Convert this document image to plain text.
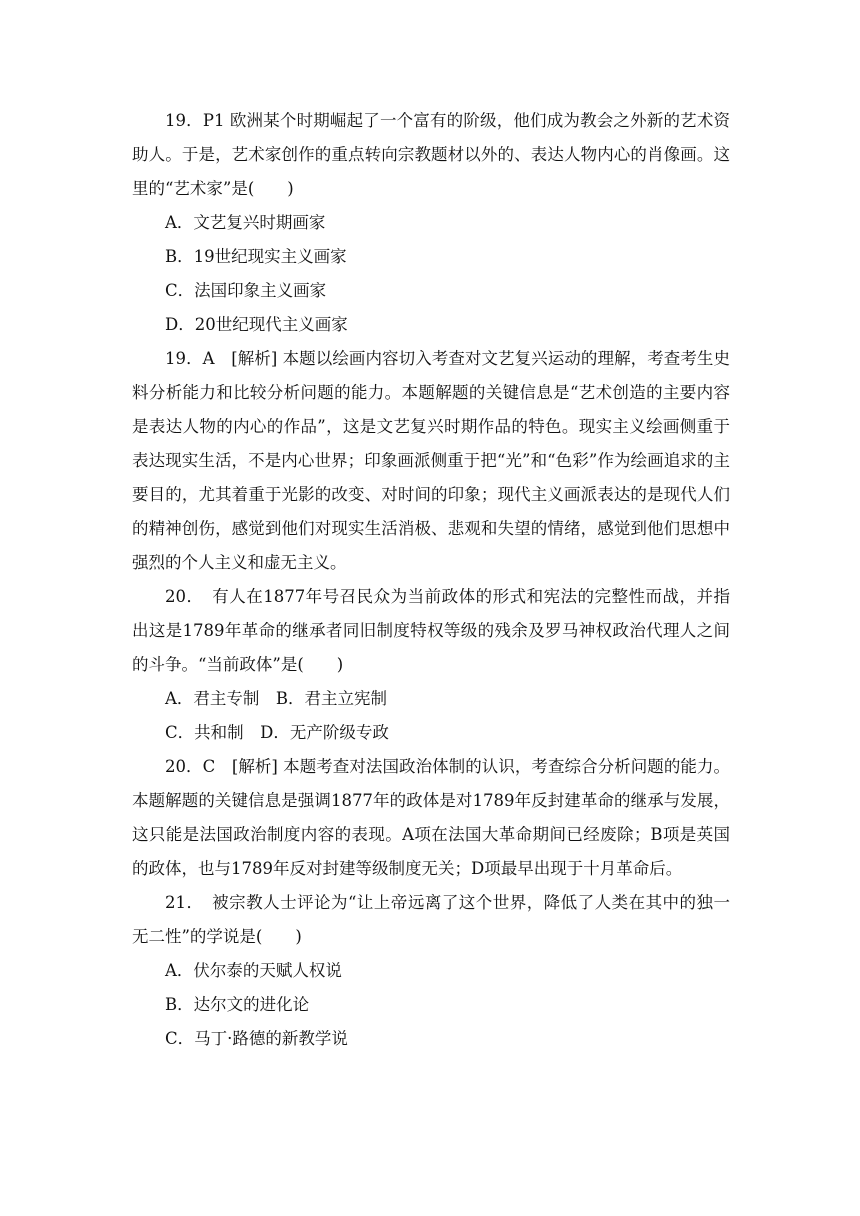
19．P1 欧洲某个时期崛起了一个富有的阶级，他们成为教会之外新的艺术资助人。于是，艺术家创作的重点转向宗教题材以外的、表达人物内心的肖像画。这里的“艺术家”是(　　)

A．文艺复兴时期画家

B．19世纪现实主义画家

C．法国印象主义画家

D．20世纪现代主义画家

19．A　[解析] 本题以绘画内容切入考查对文艺复兴运动的理解，考查考生史料分析能力和比较分析问题的能力。本题解题的关键信息是“艺术创造的主要内容是表达人物的内心的作品”，这是文艺复兴时期作品的特色。现实主义绘画侧重于表达现实生活，不是内心世界；印象画派侧重于把“光”和“色彩”作为绘画追求的主要目的，尤其着重于光影的改变、对时间的印象；现代主义画派表达的是现代人们的精神创伤，感觉到他们对现实生活消极、悲观和失望的情绪，感觉到他们思想中强烈的个人主义和虚无主义。

20．　有人在1877年号召民众为当前政体的形式和宪法的完整性而战，并指出这是1789年革命的继承者同旧制度特权等级的残余及罗马神权政治代理人之间的斗争。“当前政体”是(　　)

A．君主专制　B．君主立宪制

C．共和制　D．无产阶级专政

20．C　[解析] 本题考查对法国政治体制的认识，考查综合分析问题的能力。本题解题的关键信息是强调1877年的政体是对1789年反封建革命的继承与发展，这只能是法国政治制度内容的表现。A项在法国大革命期间已经废除；B项是英国的政体，也与1789年反对封建等级制度无关；D项最早出现于十月革命后。

21．　被宗教人士评论为“让上帝远离了这个世界，降低了人类在其中的独一无二性”的学说是(　　)

A．伏尔泰的天赋人权说

B．达尔文的进化论

C．马丁·路德的新教学说
